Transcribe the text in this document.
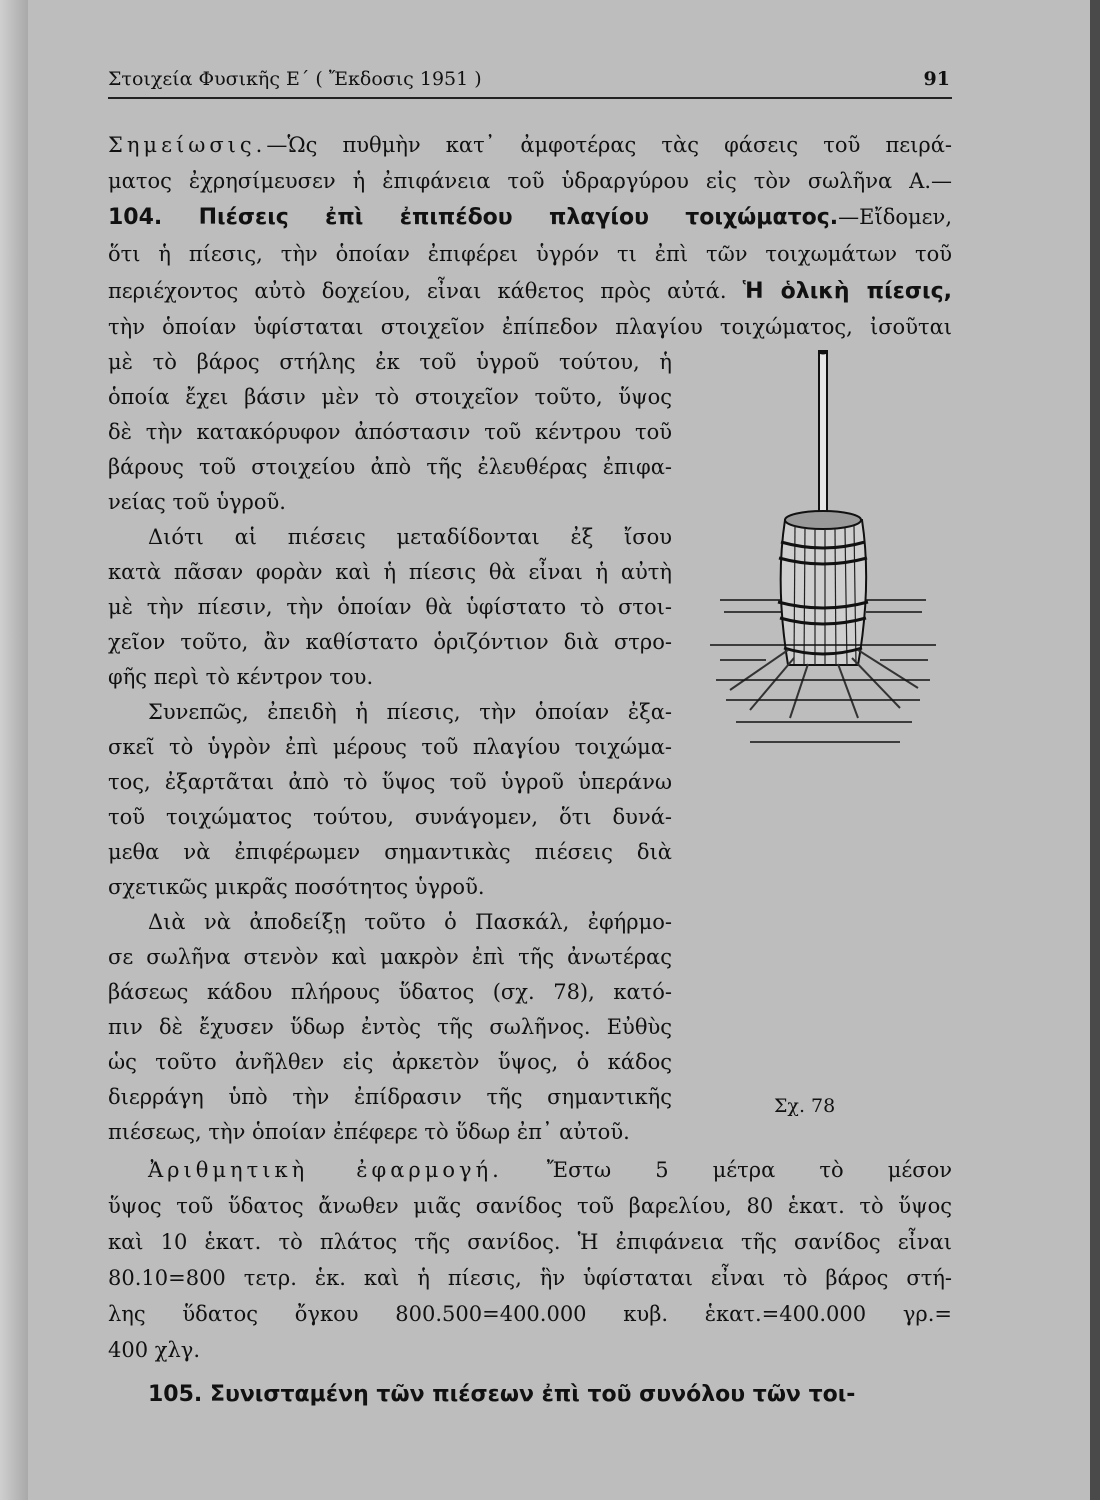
Στοιχεία Φυσικῆς Ε΄ ( Ἔκδοσις 1951 )	91
Σημείωσις.—Ὡς πυθμὴν κατ᾿ ἀμφοτέρας τὰς φάσεις τοῦ πειρά-
ματος ἐχρησίμευσεν ἡ ἐπιφάνεια τοῦ ὑδραργύρου εἰς τὸν σωλῆνα Α.—
104. Πιέσεις ἐπὶ ἐπιπέδου πλαγίου τοιχώματος.—Εἴδομεν,
ὅτι ἡ πίεσις, τὴν ὁποίαν ἐπιφέρει ὑγρόν τι ἐπὶ τῶν τοιχωμάτων τοῦ
περιέχοντος αὐτὸ δοχείου, εἶναι κάθετος πρὸς αὐτά. Ἡ ὁλικὴ πίεσις,
τὴν ὁποίαν ὑφίσταται στοιχεῖον ἐπίπεδον πλαγίου τοιχώματος, ἰσοῦται
μὲ τὸ βάρος στήλης ἐκ τοῦ ὑγροῦ τούτου, ἡ
ὁποία ἔχει βάσιν μὲν τὸ στοιχεῖον τοῦτο, ὕψος
δὲ τὴν κατακόρυφον ἀπόστασιν τοῦ κέντρου τοῦ
βάρους τοῦ στοιχείου ἀπὸ τῆς ἐλευθέρας ἐπιφα-
νείας τοῦ ὑγροῦ.
Διότι αἱ πιέσεις μεταδίδονται ἐξ ἴσου
κατὰ πᾶσαν φορὰν καὶ ἡ πίεσις θὰ εἶναι ἡ αὐτὴ
μὲ τὴν πίεσιν, τὴν ὁποίαν θὰ ὑφίστατο τὸ στοι-
χεῖον τοῦτο, ἂν καθίστατο ὁριζόντιον διὰ στρο-
φῆς περὶ τὸ κέντρον του.
Συνεπῶς, ἐπειδὴ ἡ πίεσις, τὴν ὁποίαν ἐξα-
σκεῖ τὸ ὑγρὸν ἐπὶ μέρους τοῦ πλαγίου τοιχώμα-
τος, ἐξαρτᾶται ἀπὸ τὸ ὕψος τοῦ ὑγροῦ ὑπεράνω
τοῦ τοιχώματος τούτου, συνάγομεν, ὅτι δυνά-
μεθα νὰ ἐπιφέρωμεν σημαντικὰς πιέσεις διὰ
σχετικῶς μικρᾶς ποσότητος ὑγροῦ.
Διὰ νὰ ἀποδείξῃ τοῦτο ὁ Πασκάλ, ἐφήρμο-
σε σωλῆνα στενὸν καὶ μακρὸν ἐπὶ τῆς ἀνωτέρας
βάσεως κάδου πλήρους ὕδατος (σχ. 78), κατό-
πιν δὲ ἔχυσεν ὕδωρ ἐντὸς τῆς σωλῆνος. Εὐθὺς
ὡς τοῦτο ἀνῆλθεν εἰς ἀρκετὸν ὕψος, ὁ κάδος
διερράγη ὑπὸ τὴν ἐπίδρασιν τῆς σημαντικῆς
πιέσεως, τὴν ὁποίαν ἐπέφερε τὸ ὕδωρ ἐπ᾿ αὐτοῦ.
Ἀριθμητικὴ ἐφαρμογή. Ἔστω 5 μέτρα τὸ μέσον
ὕψος τοῦ ὕδατος ἄνωθεν μιᾶς σανίδος τοῦ βαρελίου, 80 ἑκατ. τὸ ὕψος
καὶ 10 ἑκατ. τὸ πλάτος τῆς σανίδος. Ἡ ἐπιφάνεια τῆς σανίδος εἶναι
80.10=800 τετρ. ἑκ. καὶ ἡ πίεσις, ἣν ὑφίσταται εἶναι τὸ βάρος στή-
λης ὕδατος ὄγκου 800.500=400.000 κυβ. ἑκατ.=400.000 γρ.=
400 χλγ.
105. Συνισταμένη τῶν πιέσεων ἐπὶ τοῦ συνόλου τῶν τοι-
Σχ. 78
